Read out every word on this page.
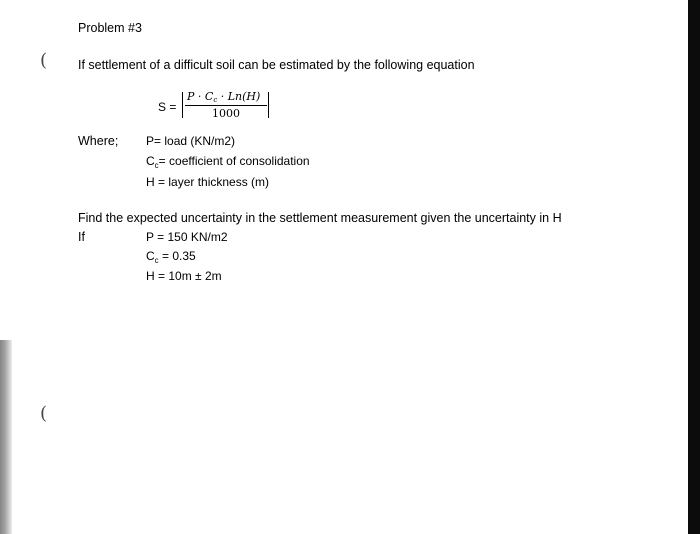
(
(
Problem #3
If settlement of a difficult soil can be estimated by the following equation
S =
P · Cc · Ln(H)
1000
Where; P= load (KN/m2)
$C_c=$ coefficient of consolidation
H = layer thickness (m)
Find the expected uncertainty in the settlement measurement given the uncertainty in H
If	P = 150 KN/m2
$C_c = 0.35$
H = 10m ± 2m
